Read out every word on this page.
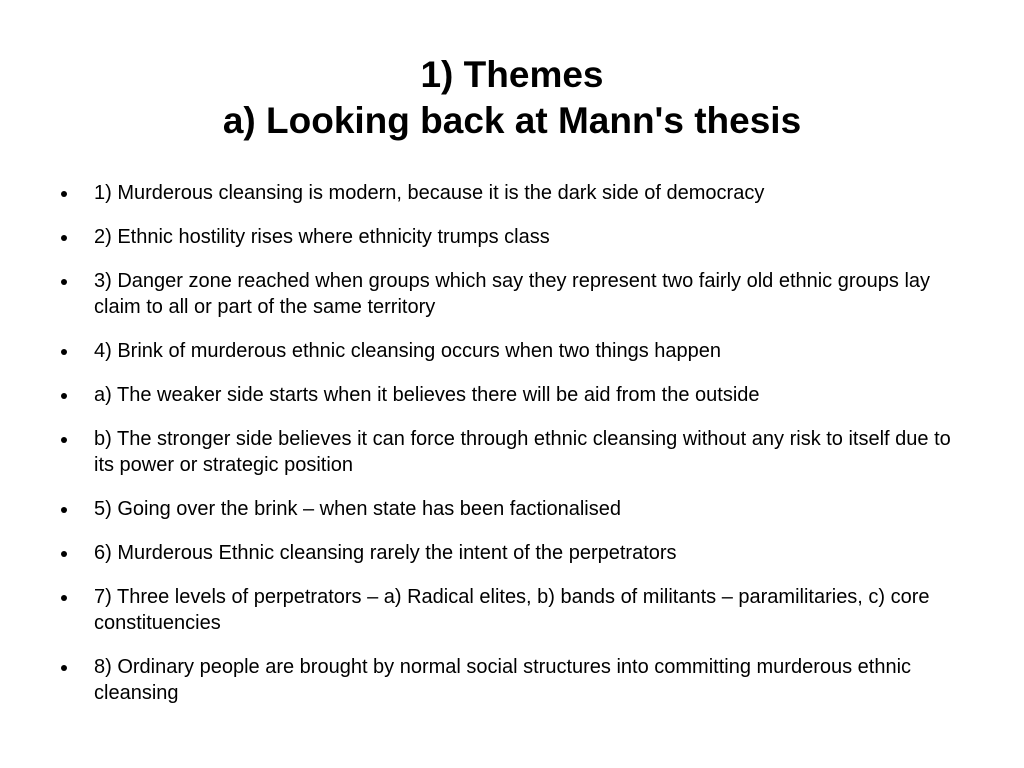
1) Themes
a) Looking back at Mann's thesis
1) Murderous cleansing is modern, because it is the dark side of democracy
2) Ethnic hostility rises where ethnicity trumps class
3) Danger zone reached when groups which say they represent two fairly old ethnic groups lay claim to all or part of the same territory
4) Brink of murderous ethnic cleansing occurs when two things happen
a) The weaker side starts when it believes there will be aid from the outside
b) The stronger side believes it can force through ethnic cleansing without any risk to itself due to its power or strategic position
5) Going over the brink – when state has been factionalised
6) Murderous Ethnic cleansing rarely the intent of the perpetrators
7) Three levels of perpetrators – a) Radical elites, b) bands of militants – paramilitaries, c) core constituencies
8) Ordinary people are brought by normal social structures into committing murderous ethnic cleansing
